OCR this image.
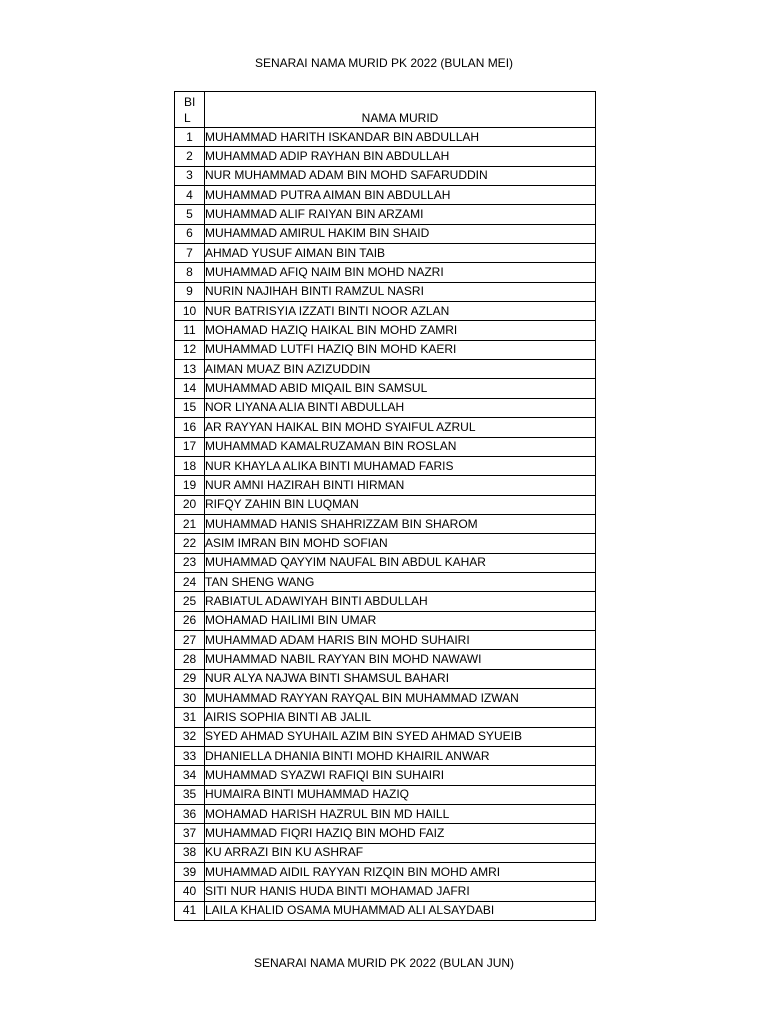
SENARAI NAMA MURID PK 2022 (BULAN MEI)
BI
L	NAMA MURID
1	MUHAMMAD HARITH ISKANDAR BIN ABDULLAH
2	MUHAMMAD ADIP RAYHAN BIN ABDULLAH
3	NUR MUHAMMAD ADAM BIN MOHD SAFARUDDIN
4	MUHAMMAD PUTRA AIMAN BIN ABDULLAH
5	MUHAMMAD ALIF RAIYAN BIN ARZAMI
6	MUHAMMAD AMIRUL HAKIM BIN SHAID
7	AHMAD YUSUF AIMAN BIN TAIB
8	MUHAMMAD AFIQ NAIM BIN MOHD NAZRI
9	NURIN NAJIHAH BINTI RAMZUL NASRI
10	NUR BATRISYIA IZZATI BINTI NOOR AZLAN
11	MOHAMAD HAZIQ HAIKAL BIN MOHD ZAMRI
12	MUHAMMAD LUTFI HAZIQ BIN MOHD KAERI
13	AIMAN MUAZ BIN AZIZUDDIN
14	MUHAMMAD ABID MIQAIL BIN SAMSUL
15	NOR LIYANA ALIA BINTI ABDULLAH
16	AR RAYYAN HAIKAL BIN MOHD SYAIFUL AZRUL
17	MUHAMMAD KAMALRUZAMAN BIN ROSLAN
18	NUR KHAYLA ALIKA BINTI MUHAMAD FARIS
19	NUR AMNI HAZIRAH BINTI HIRMAN
20	RIFQY ZAHIN BIN LUQMAN
21	MUHAMMAD HANIS SHAHRIZZAM BIN SHAROM
22	ASIM IMRAN BIN MOHD SOFIAN
23	MUHAMMAD QAYYIM NAUFAL BIN ABDUL KAHAR
24	TAN SHENG WANG
25	RABIATUL ADAWIYAH BINTI ABDULLAH
26	MOHAMAD HAILIMI BIN UMAR
27	MUHAMMAD ADAM HARIS BIN MOHD SUHAIRI
28	MUHAMMAD NABIL RAYYAN BIN MOHD NAWAWI
29	NUR ALYA NAJWA BINTI SHAMSUL BAHARI
30	MUHAMMAD RAYYAN RAYQAL BIN MUHAMMAD IZWAN
31	AIRIS SOPHIA BINTI AB JALIL
32	SYED AHMAD SYUHAIL AZIM BIN SYED AHMAD SYUEIB
33	DHANIELLA DHANIA BINTI MOHD KHAIRIL ANWAR
34	MUHAMMAD SYAZWI RAFIQI BIN SUHAIRI
35	HUMAIRA BINTI MUHAMMAD HAZIQ
36	MOHAMAD HARISH HAZRUL BIN MD HAILL
37	MUHAMMAD FIQRI HAZIQ BIN MOHD FAIZ
38	KU ARRAZI BIN KU ASHRAF
39	MUHAMMAD AIDIL RAYYAN RIZQIN BIN MOHD AMRI
40	SITI NUR HANIS HUDA BINTI MOHAMAD JAFRI
41	LAILA KHALID OSAMA MUHAMMAD ALI ALSAYDABI
SENARAI NAMA MURID PK 2022 (BULAN JUN)
